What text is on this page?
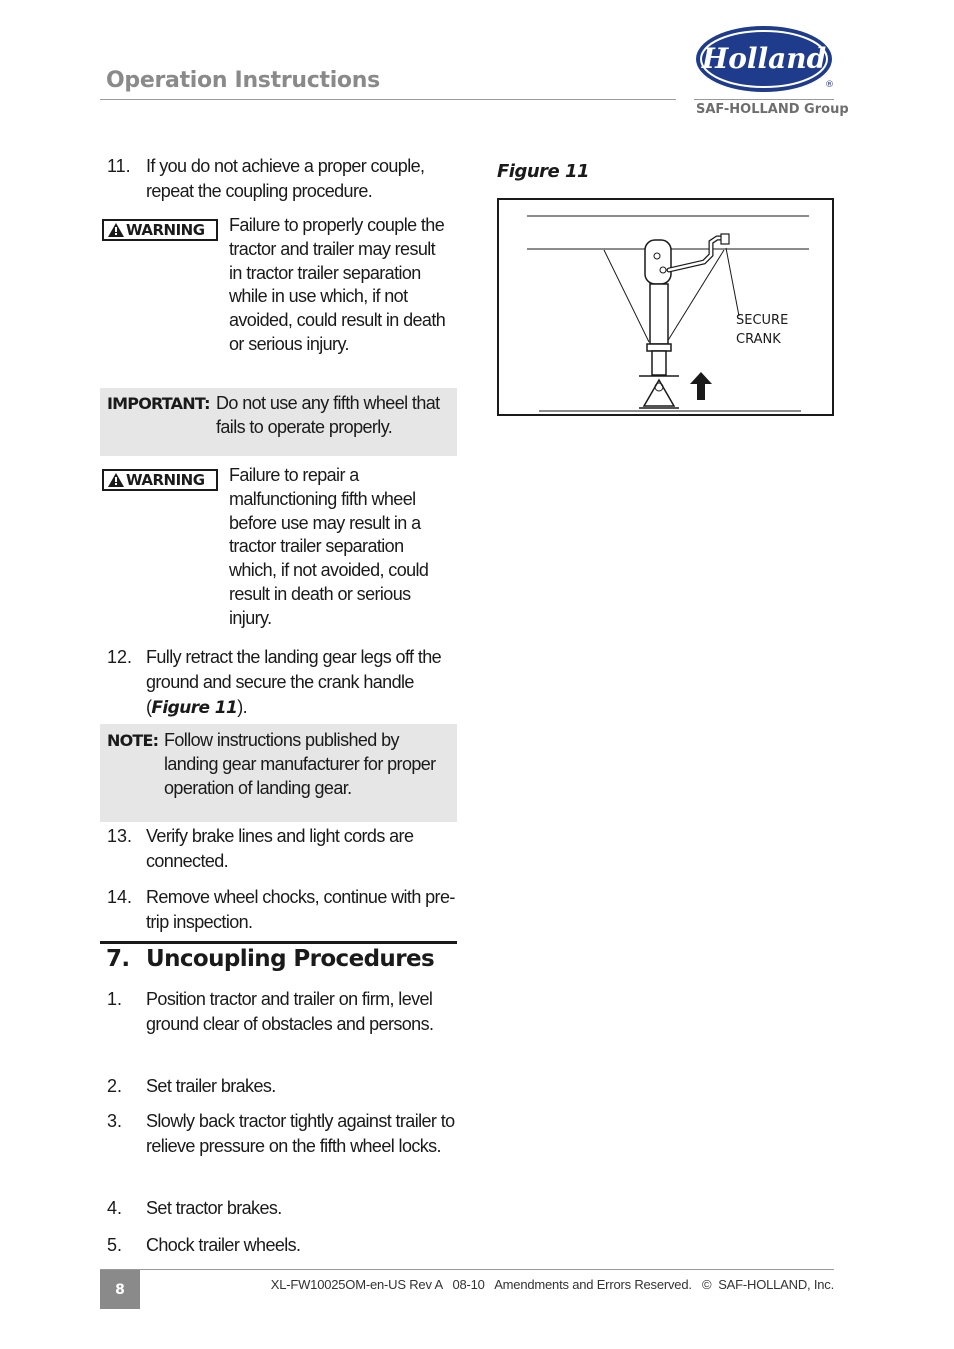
Operation Instructions
Holland
®
SAF-HOLLAND Group
11. If you do not achieve a proper couple, repeat the coupling procedure.
WARNING Failure to properly couple the tractor and trailer may result in tractor trailer separation while in use which, if not avoided, could result in death or serious injury.
IMPORTANT: Do not use any fifth wheel that fails to operate properly.
WARNING Failure to repair a malfunctioning fifth wheel before use may result in a tractor trailer separation which, if not avoided, could result in death or serious injury.
12. Fully retract the landing gear legs off the ground and secure the crank handle (Figure 11).
NOTE: Follow instructions published by landing gear manufacturer for proper operation of landing gear.
13. Verify brake lines and light cords are connected.
14. Remove wheel chocks, continue with pre-trip inspection.
7. Uncoupling Procedures
1. Position tractor and trailer on firm, level ground clear of obstacles and persons.
2. Set trailer brakes.
3. Slowly back tractor tightly against trailer to relieve pressure on the fifth wheel locks.
4. Set tractor brakes.
5. Chock trailer wheels.
Figure 11
SECURE
CRANK
8	XL-FW10025OM-en-US Rev A   08-10   Amendments and Errors Reserved.   ©  SAF-HOLLAND, Inc.
